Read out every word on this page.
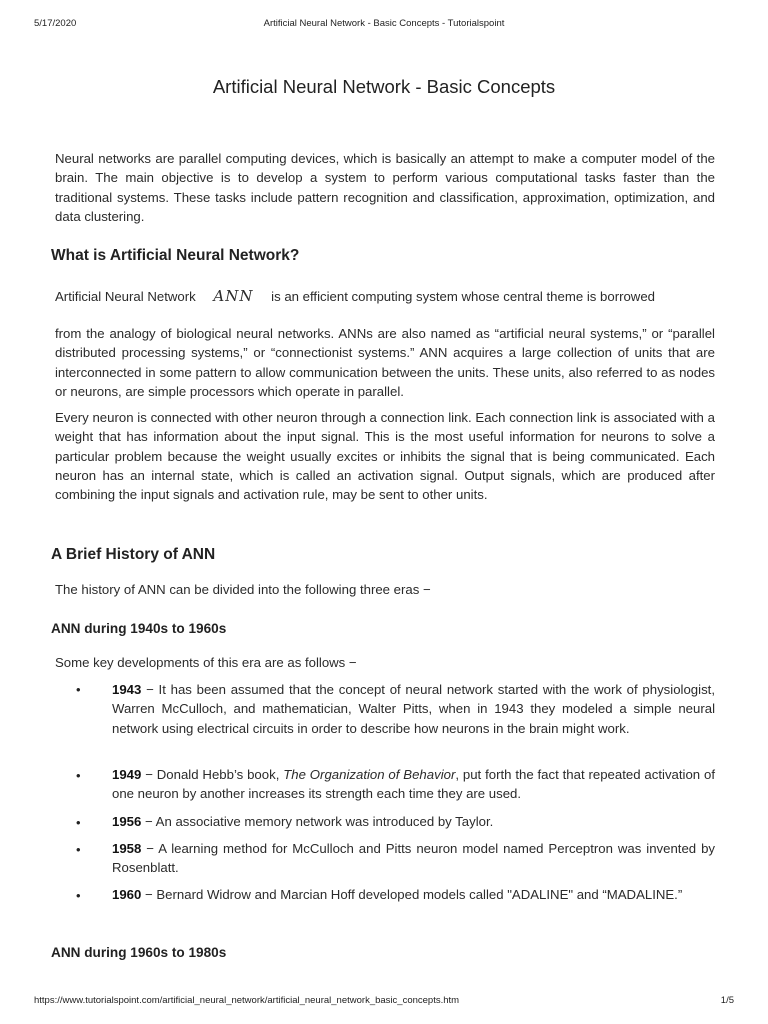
5/17/2020	Artificial Neural Network - Basic Concepts - Tutorialspoint
Artificial Neural Network - Basic Concepts

Neural networks are parallel computing devices, which is basically an attempt to make a computer model of the brain. The main objective is to develop a system to perform various computational tasks faster than the traditional systems. These tasks include pattern recognition and classification, approximation, optimization, and data clustering.

What is Artificial Neural Network?
Artificial Neural Network ANN is an efficient computing system whose central theme is borrowed

from the analogy of biological neural networks. ANNs are also named as “artificial neural systems,” or “parallel distributed processing systems,” or “connectionist systems.” ANN acquires a large collection of units that are interconnected in some pattern to allow communication between the units. These units, also referred to as nodes or neurons, are simple processors which operate in parallel.

Every neuron is connected with other neuron through a connection link. Each connection link is associated with a weight that has information about the input signal. This is the most useful information for neurons to solve a particular problem because the weight usually excites or inhibits the signal that is being communicated. Each neuron has an internal state, which is called an activation signal. Output signals, which are produced after combining the input signals and activation rule, may be sent to other units.

A Brief History of ANN

The history of ANN can be divided into the following three eras −

ANN during 1940s to 1960s

Some key developments of this era are as follows −

• 1943 − It has been assumed that the concept of neural network started with the work of physiologist, Warren McCulloch, and mathematician, Walter Pitts, when in 1943 they modeled a simple neural network using electrical circuits in order to describe how neurons in the brain might work.
• 1949 − Donald Hebb’s book, The Organization of Behavior, put forth the fact that repeated activation of one neuron by another increases its strength each time they are used.
• 1956 − An associative memory network was introduced by Taylor.
• 1958 − A learning method for McCulloch and Pitts neuron model named Perceptron was invented by Rosenblatt.
• 1960 − Bernard Widrow and Marcian Hoff developed models called "ADALINE" and “MADALINE.”
ANN during 1960s to 1980s
https://www.tutorialspoint.com/artificial_neural_network/artificial_neural_network_basic_concepts.htm	1/5
